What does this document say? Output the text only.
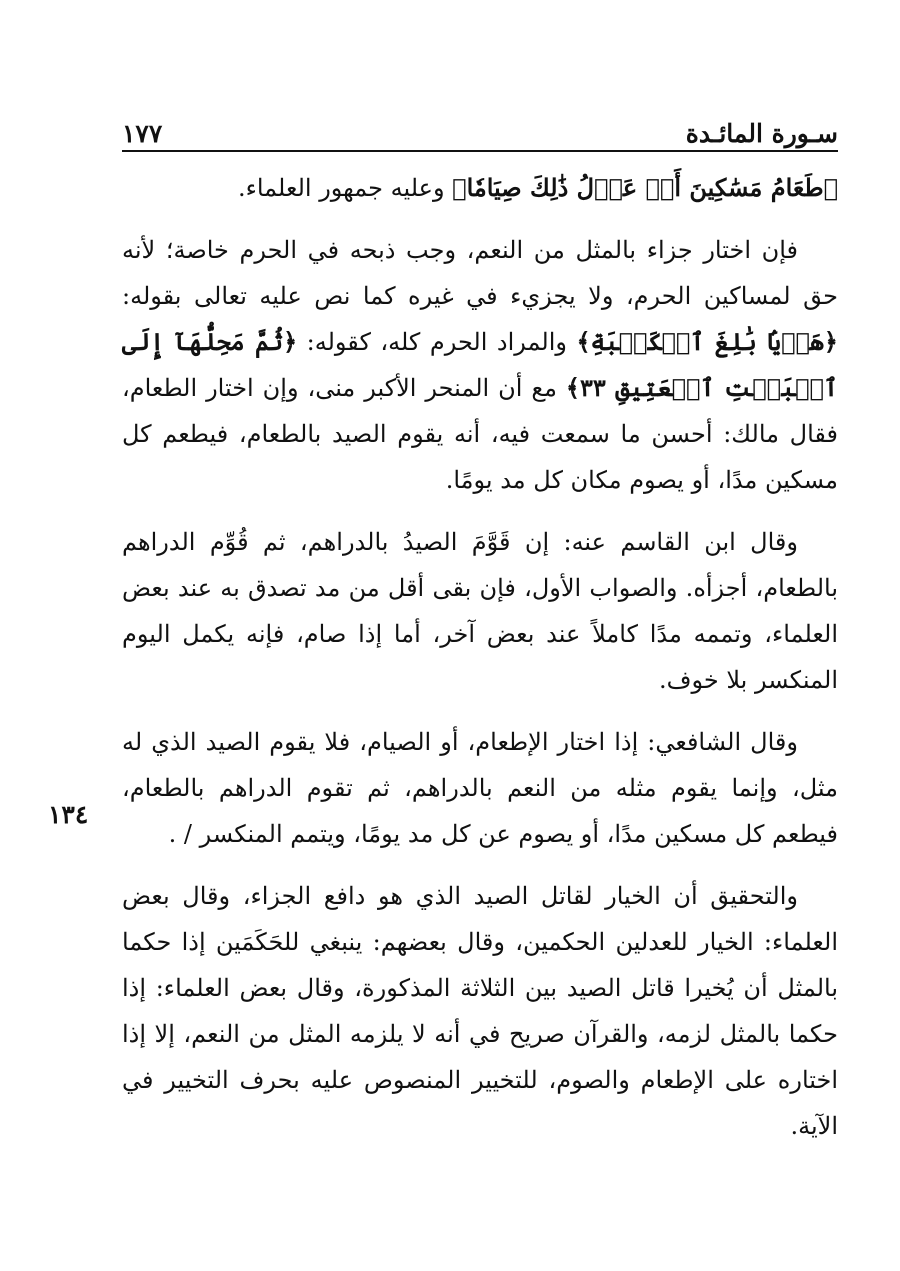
سـورة المائـدة
١٧٧
١٣٤

﴿طَعَامُ مَسَٰكِينَ أَوۡ عَدۡلُ ذَٰلِكَ صِيَامٗا﴾ وعليه جمهور العلماء.

فإن اختار جزاء بالمثل من النعم، وجب ذبحه في الحرم خاصة؛ لأنه حق لمساكين الحرم، ولا يجزيء في غيره كما نص عليه تعالى بقوله: ﴿هَدۡيَۢا بَٰلِغَ ٱلۡكَعۡبَةِ﴾ والمراد الحرم كله، كقوله: ﴿ثُمَّ مَحِلُّهَآ إِلَى ٱلۡبَيۡتِ ٱلۡعَتِيقِ ٣٣﴾ مع أن المنحر الأكبر منى، وإن اختار الطعام، فقال مالك: أحسن ما سمعت فيه، أنه يقوم الصيد بالطعام، فيطعم كل مسكين مدًا، أو يصوم مكان كل مد يومًا.

وقال ابن القاسم عنه: إن قَوَّمَ الصيدُ بالدراهم، ثم قُوِّم الدراهم بالطعام، أجزأه. والصواب الأول، فإن بقى أقل من مد تصدق به عند بعض العلماء، وتممه مدًا كاملاً عند بعض آخر، أما إذا صام، فإنه يكمل اليوم المنكسر بلا خوف.

وقال الشافعي: إذا اختار الإطعام، أو الصيام، فلا يقوم الصيد الذي له مثل، وإنما يقوم مثله من النعم بالدراهم، ثم تقوم الدراهم بالطعام، فيطعم كل مسكين مدًا، أو يصوم عن كل مد يومًا، ويتمم المنكسر / .

والتحقيق أن الخيار لقاتل الصيد الذي هو دافع الجزاء، وقال بعض العلماء: الخيار للعدلين الحكمين، وقال بعضهم: ينبغي للحَكَمَين إذا حكما بالمثل أن يُخيرا قاتل الصيد بين الثلاثة المذكورة، وقال بعض العلماء: إذا حكما بالمثل لزمه، والقرآن صريح في أنه لا يلزمه المثل من النعم، إلا إذا اختاره على الإطعام والصوم، للتخيير المنصوص عليه بحرف التخيير في الآية.
